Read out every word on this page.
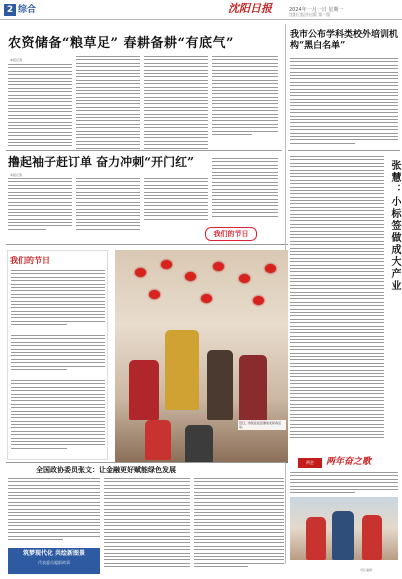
2 综合	沈阳日报	2024年一月一日 星期一
沈阳日报社出版 第一版
农资储备“粮草足” 春耕备耕“有底气”
本报记者
撸起袖子赶订单 奋力冲刺“开门红”
本报记者
我们的节日
我市公布学科类校外培训机构“黑白名单”
张慧：小标签做成大产业
我们的节日
近日，市民在社区参加迎新春活动。
全国政协委员张文：让金融更好赋能绿色发展
筑梦现代化 共绘新图景
代表委员履职故事
两会	两年奋之歌
责任编辑
